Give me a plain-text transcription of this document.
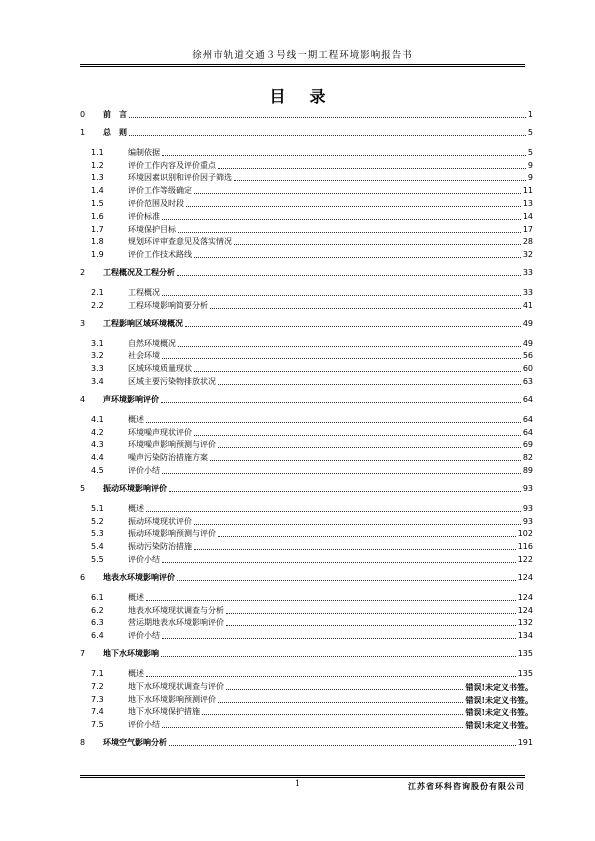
徐州市轨道交通３号线一期工程环境影响报告书
目 录
0	前　言	1
1	总　则	5
1.1	编制依据	5
1.2	评价工作内容及评价重点	9
1.3	环境因素识别和评价因子筛选	9
1.4	评价工作等级确定	11
1.5	评价范围及时段	13
1.6	评价标准	14
1.7	环境保护目标	17
1.8	规划环评审查意见及落实情况	28
1.9	评价工作技术路线	32
2	工程概况及工程分析	33
2.1	工程概况	33
2.2	工程环境影响简要分析	41
3	工程影响区域环境概况	49
3.1	自然环境概况	49
3.2	社会环境	56
3.3	区域环境质量现状	60
3.4	区域主要污染物排放状况	63
4	声环境影响评价	64
4.1	概述	64
4.2	环境噪声现状评价	64
4.3	环境噪声影响预测与评价	69
4.4	噪声污染防治措施方案	82
4.5	评价小结	89
5	振动环境影响评价	93
5.1	概述	93
5.2	振动环境现状评价	93
5.3	振动环境影响预测与评价	102
5.4	振动污染防治措施	116
5.5	评价小结	122
6	地表水环境影响评价	124
6.1	概述	124
6.2	地表水环境现状调查与分析	124
6.3	营运期地表水环境影响评价	132
6.4	评价小结	134
7	地下水环境影响	135
7.1	概述	135
7.2	地下水环境现状调查与评价	错误!未定义书签。
7.3	地下水环境影响预测评价	错误!未定义书签。
7.4	地下水环境保护措施	错误!未定义书签。
7.5	评价小结	错误!未定义书签。
8	环境空气影响分析	191
1	江苏省环科咨询股份有限公司
